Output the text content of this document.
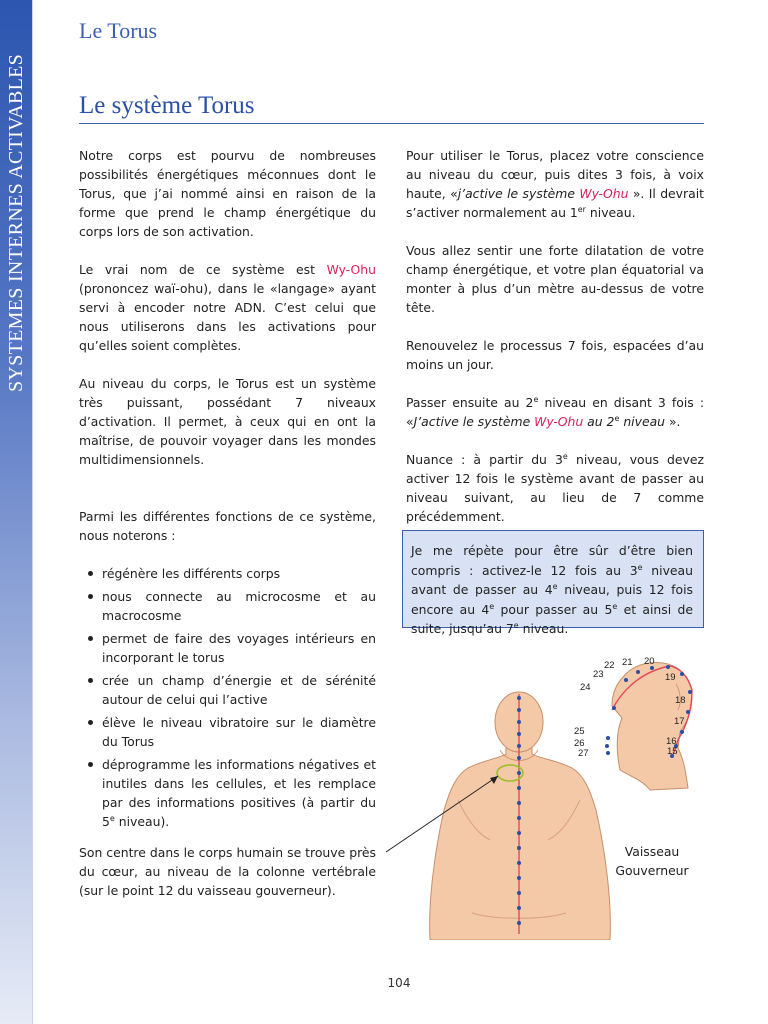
SYSTEMES INTERNES ACTIVABLES
Le Torus
Le système Torus

Notre corps est pourvu de nombreuses possibilités énergétiques méconnues dont le Torus, que j’ai nommé ainsi en raison de la forme que prend le champ énergétique du corps lors de son activation.

Le vrai nom de ce système est Wy-Ohu (prononcez waï-ohu), dans le «langage» ayant servi à encoder notre ADN. C’est celui que nous utiliserons dans les activations pour qu’elles soient complètes.

Au niveau du corps, le Torus est un système très puissant, possédant 7 niveaux d’activation. Il permet, à ceux qui en ont la maîtrise, de pouvoir voyager dans les mondes multidimensionnels.

Parmi les différentes fonctions de ce système, nous noterons :

régénère les différents corps
nous connecte au microcosme et au macrocosme
permet de faire des voyages intérieurs en incorporant le torus
crée un champ d’énergie et de sérénité autour de celui qui l’active
élève le niveau vibratoire sur le diamètre du Torus
déprogramme les informations négatives et inutiles dans les cellules, et les remplace par des informations positives (à partir du 5e niveau).

Son centre dans le corps humain se trouve près du cœur, au niveau de la colonne vertébrale (sur le point 12 du vaisseau gouverneur).

Pour utiliser le Torus, placez votre conscience au niveau du cœur, puis dites 3 fois, à voix haute, «j’active le système Wy-Ohu ». Il devrait s’activer normalement au 1er niveau.

Vous allez sentir une forte dilatation de votre champ énergétique, et votre plan équatorial va monter à plus d’un mètre au-dessus de votre tête.

Renouvelez le processus 7 fois, espacées d’au moins un jour.

Passer ensuite au 2e niveau en disant 3 fois : «J’active le système Wy-Ohu au 2e niveau ».

Nuance : à partir du 3e niveau, vous devez activer 12 fois le système avant de passer au niveau suivant, au lieu de 7 comme précédemment.

Je me répète pour être sûr d’être bien compris : activez-le 12 fois au 3e niveau avant de passer au 4e niveau, puis 12 fois encore au 4e pour passer au 5e et ainsi de suite, jusqu’au 7e niveau.
15
16
17
18
19
20
21
22
23
24
25
26
27
Vaisseau
Gouverneur
104
